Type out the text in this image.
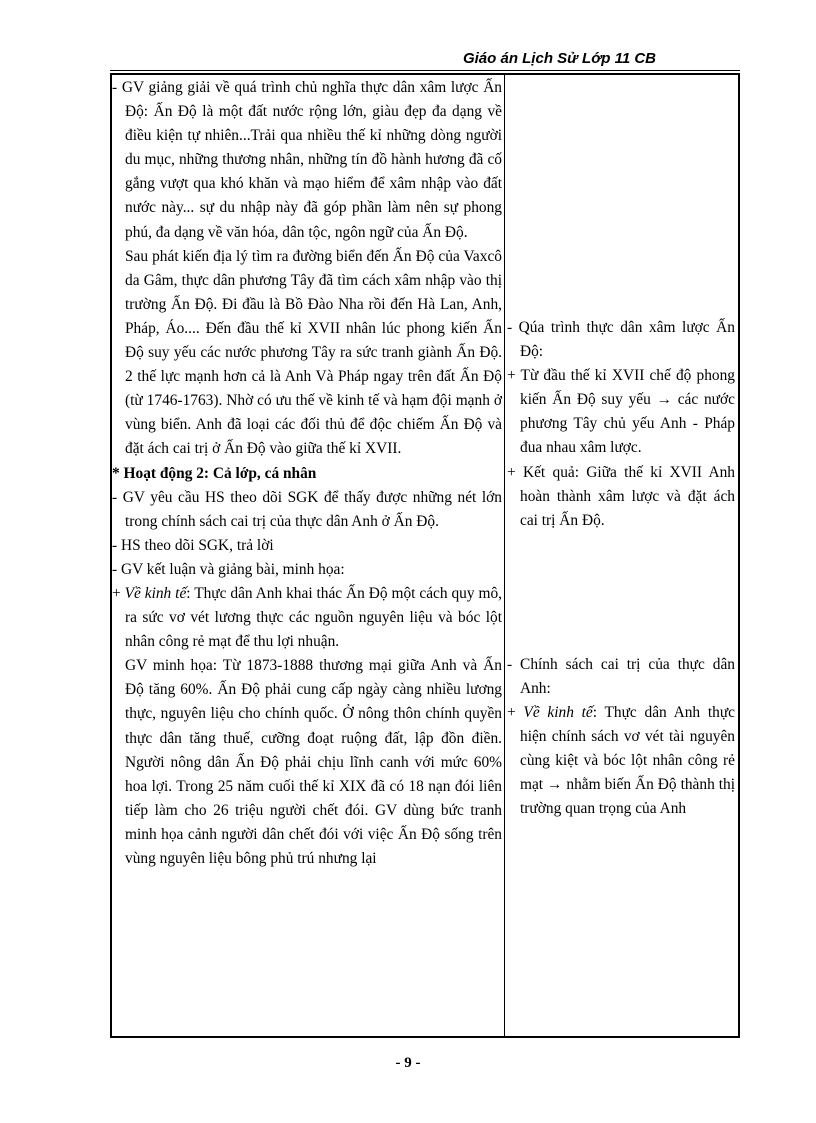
Giáo án Lịch Sử Lớp 11 CB

- GV giảng giải về quá trình chủ nghĩa thực dân xâm lược Ấn Độ: Ấn Độ là một đất nước rộng lớn, giàu đẹp đa dạng về điều kiện tự nhiên...Trải qua nhiều thế kỉ những dòng người du mục, những thương nhân, những tín đồ hành hương đã cố gắng vượt qua khó khăn và mạo hiểm để xâm nhập vào đất nước này... sự du nhập này đã góp phần làm nên sự phong phú, đa dạng về văn hóa, dân tộc, ngôn ngữ của Ấn Độ.

Sau phát kiến địa lý tìm ra đường biển đến Ấn Độ của Vaxcô da Gâm, thực dân phương Tây đã tìm cách xâm nhập vào thị trường Ấn Độ. Đi đầu là Bồ Đào Nha rồi đến Hà Lan, Anh, Pháp, Áo.... Đến đầu thế kỉ XVII nhân lúc phong kiến Ấn Độ suy yếu các nước phương Tây ra sức tranh giành Ấn Độ. 2 thế lực mạnh hơn cả là Anh Và Pháp ngay trên đất Ấn Độ (từ 1746-1763). Nhờ có ưu thế về kinh tế và hạm đội mạnh ở vùng biển. Anh đã loại các đối thủ để độc chiếm Ấn Độ và đặt ách cai trị ở Ấn Độ vào giữa thế kỉ XVII.

* Hoạt động 2: Cả lớp, cá nhân

- GV yêu cầu HS theo dõi SGK để thấy được những nét lớn trong chính sách cai trị của thực dân Anh ở Ấn Độ.

- HS theo dõi SGK, trả lời

- GV kết luận và giảng bài, minh họa:

+ Về kinh tế: Thực dân Anh khai thác Ấn Độ một cách quy mô, ra sức vơ vét lương thực các nguồn nguyên liệu và bóc lột nhân công rẻ mạt để thu lợi nhuận.

GV minh họa: Từ 1873-1888 thương mại giữa Anh và Ấn Độ tăng 60%. Ấn Độ phải cung cấp ngày càng nhiều lương thực, nguyên liệu cho chính quốc. Ở nông thôn chính quyền thực dân tăng thuế, cưỡng đoạt ruộng đất, lập đồn điền. Người nông dân Ấn Độ phải chịu lĩnh canh với mức 60% hoa lợi. Trong 25 năm cuối thế kỉ XIX đã có 18 nạn đói liên tiếp làm cho 26 triệu người chết đói. GV dùng bức tranh minh họa cảnh người dân chết đói với việc Ấn Độ sống trên vùng nguyên liệu bông phủ trú nhưng lại

- Qúa trình thực dân xâm lược Ấn Độ:

+ Từ đầu thế kỉ XVII chế độ phong kiến Ấn Độ suy yếu → các nước phương Tây chủ yếu Anh - Pháp đua nhau xâm lược.

+ Kết quả: Giữa thế kỉ XVII Anh hoàn thành xâm lược và đặt ách cai trị Ấn Độ.

- Chính sách cai trị của thực dân Anh:

+ Về kinh tế: Thực dân Anh thực hiện chính sách vơ vét tài nguyên cùng kiệt và bóc lột nhân công rẻ mạt → nhằm biến Ấn Độ thành thị trường quan trọng của Anh

- 9 -
